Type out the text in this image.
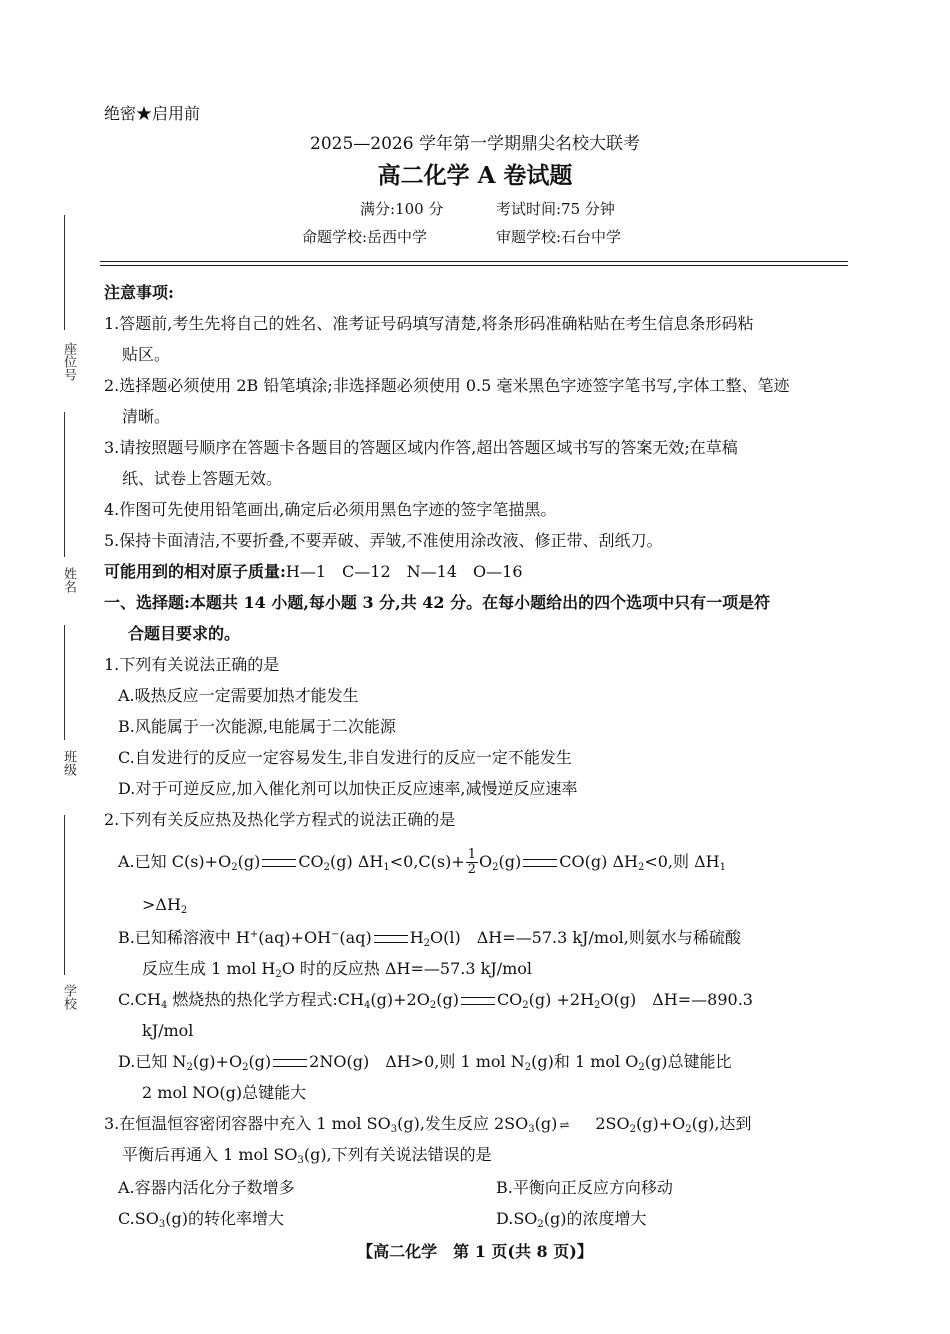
座位号
姓名
班级
学校
绝密★启用前
2025—2026 学年第一学期鼎尖名校大联考
高二化学 A 卷试题
满分:100 分	考试时间:75 分钟
命题学校:岳西中学	审题学校:石台中学
注意事项:
1.答题前,考生先将自己的姓名、准考证号码填写清楚,将条形码准确粘贴在考生信息条形码粘
贴区。
2.选择题必须使用 2B 铅笔填涂;非选择题必须使用 0.5 毫米黑色字迹签字笔书写,字体工整、笔迹
清晰。
3.请按照题号顺序在答题卡各题目的答题区域内作答,超出答题区域书写的答案无效;在草稿
纸、试卷上答题无效。
4.作图可先使用铅笔画出,确定后必须用黑色字迹的签字笔描黑。
5.保持卡面清洁,不要折叠,不要弄破、弄皱,不准使用涂改液、修正带、刮纸刀。
可能用到的相对原子质量:H—1　C—12　N—14　O—16
一、选择题:本题共 14 小题,每小题 3 分,共 42 分。在每小题给出的四个选项中只有一项是符
合题目要求的。
1.下列有关说法正确的是
A.吸热反应一定需要加热才能发生
B.风能属于一次能源,电能属于二次能源
C.自发进行的反应一定容易发生,非自发进行的反应一定不能发生
D.对于可逆反应,加入催化剂可以加快正反应速率,减慢逆反应速率
2.下列有关反应热及热化学方程式的说法正确的是
A.已知 $C(s)+O_2(g)$ $CO_2(g)$ $\Delta H_1<0,C(s)+ \frac{1}{2} O_2(g)$ CO(g) $\Delta H_2<0$,则 $\Delta H_1$
$>\Delta H_2$
B.已知稀溶液中 H+(aq)+OH−(aq) $H_2O(l)$　ΔH=—57.3 kJ/mol,则氨水与稀硫酸
反应生成 1 mol $H_2O$ 时的反应热 ΔH=—57.3 kJ/mol
$C.CH_4$ 燃烧热的热化学方程式$:CH_4(g)+2O_2(g)$ $CO_2(g) +2H_2O(g)$　ΔH=—890.3
kJ/mol
D.已知 $N_2(g)+O_2(g)$ 2NO(g)　ΔH>0,则 1 mol $N_2(g)$和 1 mol $O_2(g)$总键能比
2 mol NO(g)总键能大
3.在恒温恒容密闭容器中充入 1 mol $SO_3(g)$,发生反应 $2SO_3(g)$ ⇌ $2SO_2(g)+O_2(g)$,达到
平衡后再通入 1 mol $SO_3(g)$,下列有关说法错误的是
A.容器内活化分子数增多	B.平衡向正反应方向移动
$C.SO_3(g)$的转化率增大	$D.SO_2(g)$的浓度增大
【高二化学　第 1 页(共 8 页)】
